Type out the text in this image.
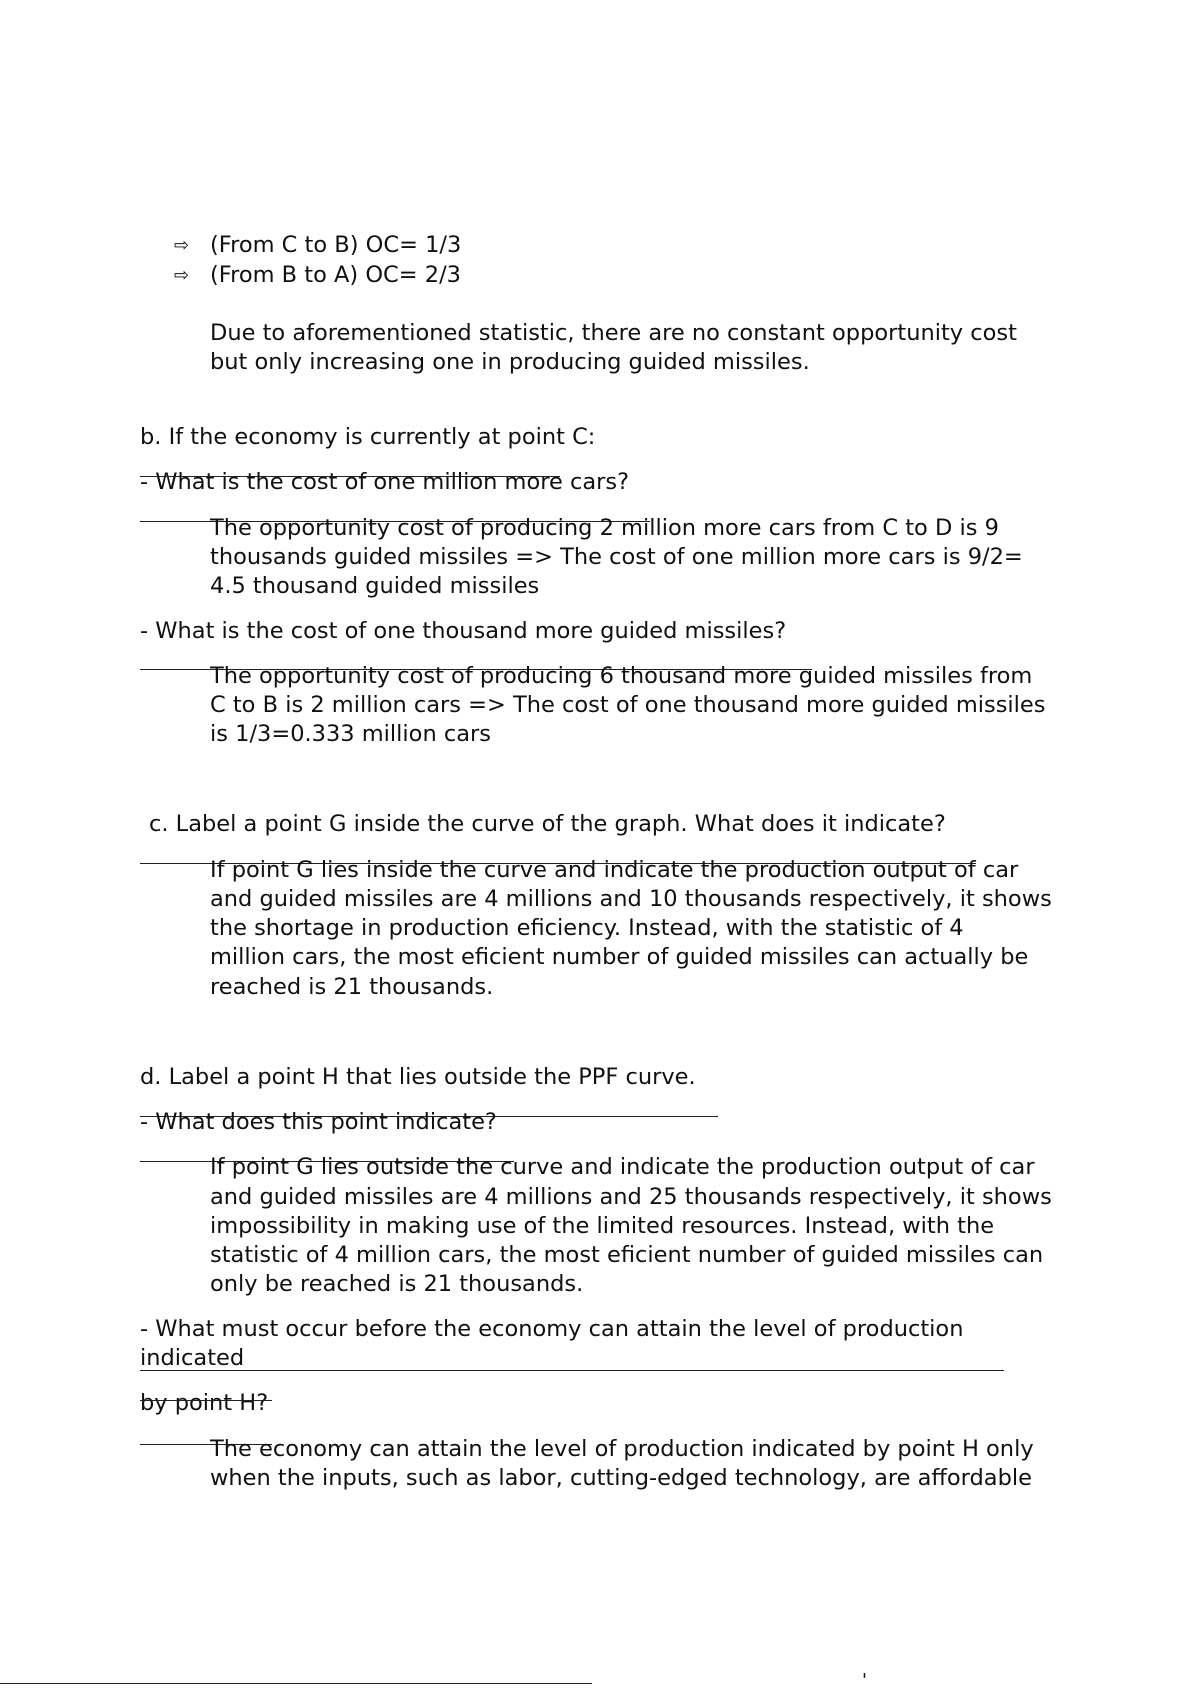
⇨ (From C to B) OC= 1/3

⇨ (From B to A) OC= 2/3

Due to aforementioned statistic, there are no constant opportunity cost

but only increasing one in producing guided missiles.

b. If the economy is currently at point C:

- What is the cost of one million more cars?

The opportunity cost of producing 2 million more cars from C to D is 9

thousands guided missiles => The cost of one million more cars is 9/2=

4.5 thousand guided missiles

- What is the cost of one thousand more guided missiles?

The opportunity cost of producing 6 thousand more guided missiles from

C to B is 2 million cars => The cost of one thousand more guided missiles

is 1/3=0.333 million cars

c. Label a point G inside the curve of the graph. What does it indicate?

If point G lies inside the curve and indicate the production output of car

and guided missiles are 4 millions and 10 thousands respectively, it shows

the shortage in production eﬁciency. Instead, with the statistic of 4

million cars, the most eﬁcient number of guided missiles can actually be

reached is 21 thousands.

d. Label a point H that lies outside the PPF curve.

- What does this point indicate?

If point G lies outside the curve and indicate the production output of car

and guided missiles are 4 millions and 25 thousands respectively, it shows

impossibility in making use of the limited resources. Instead, with the

statistic of 4 million cars, the most eﬁcient number of guided missiles can

only be reached is 21 thousands.

- What must occur before the economy can attain the level of production

indicated

by point H?

The economy can attain the level of production indicated by point H only

when the inputs, such as labor, cutting-edged technology, are affordable

'
